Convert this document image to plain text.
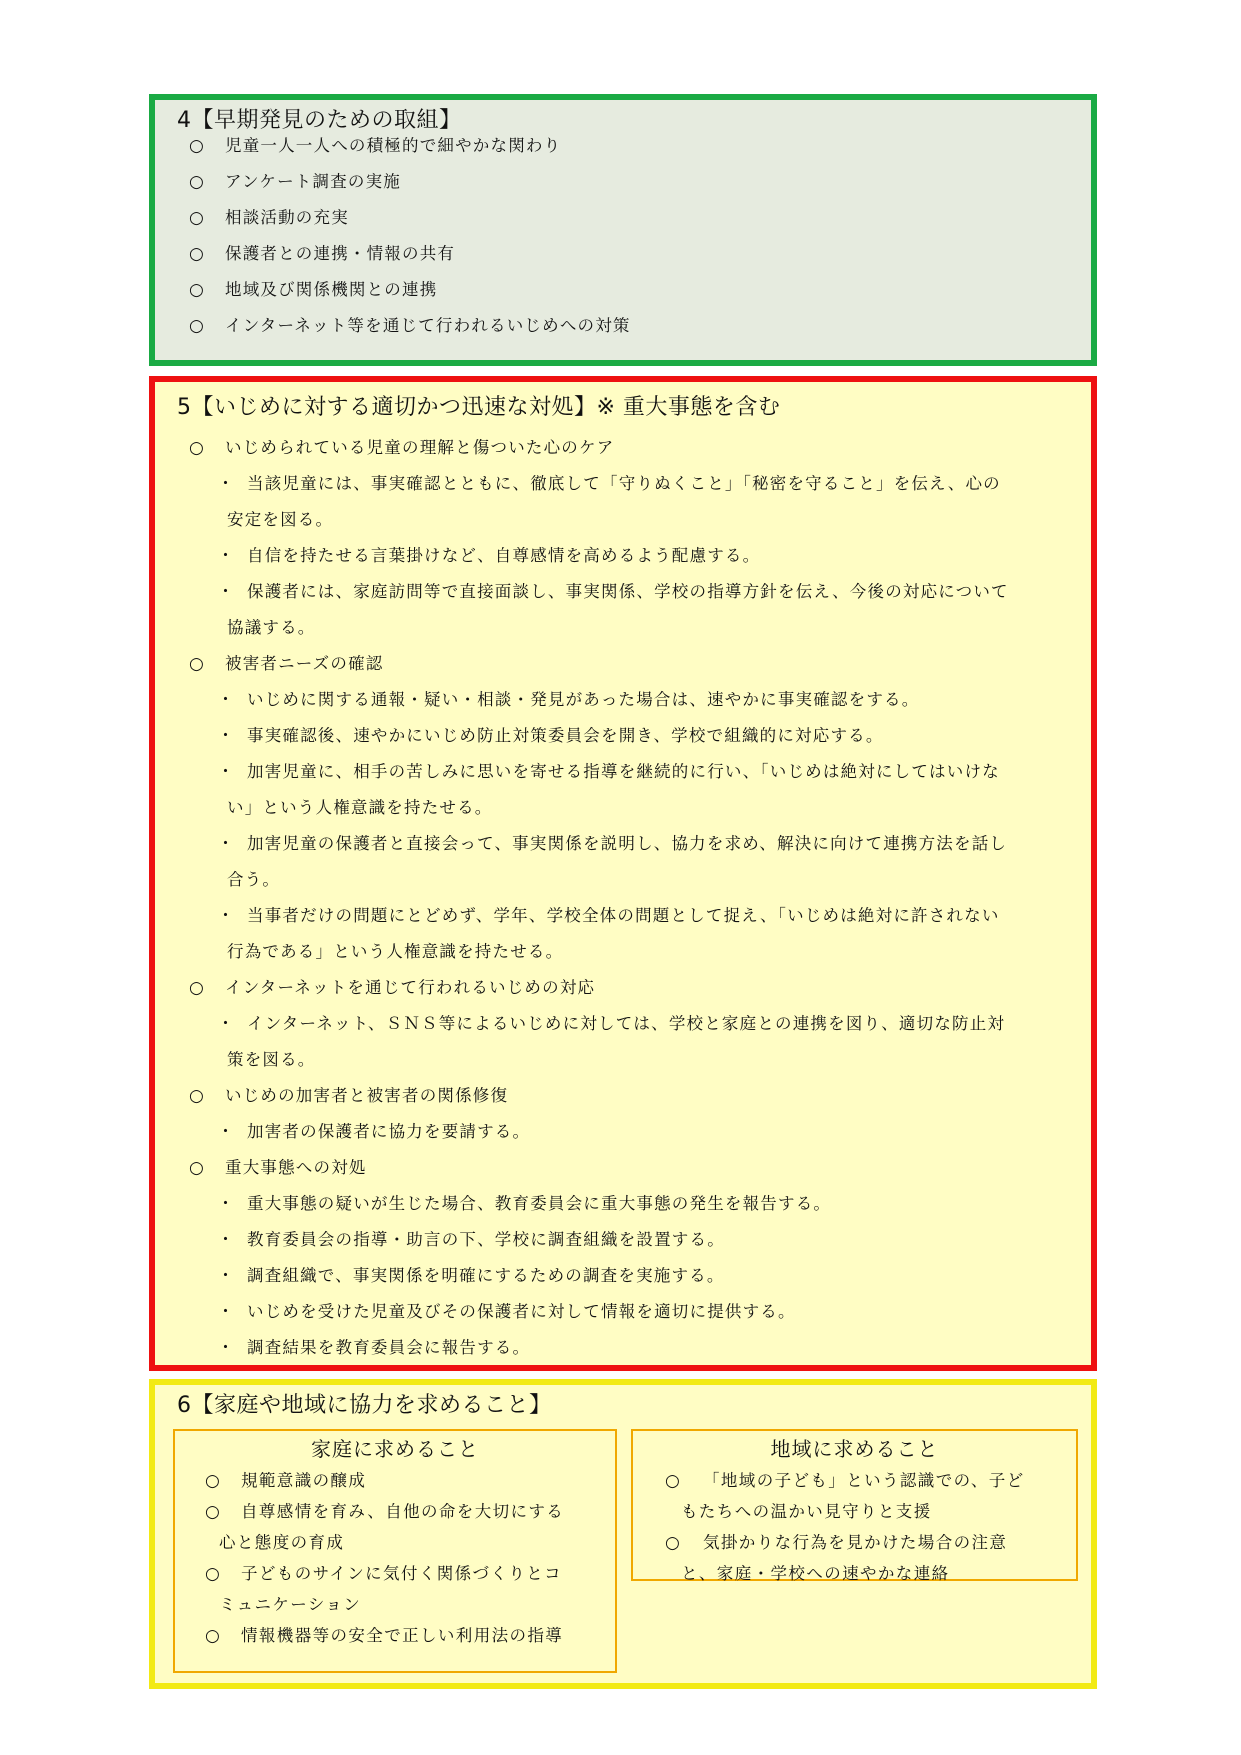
4【早期発見のための取組】
○ 児童一人一人への積極的で細やかな関わり
○ アンケート調査の実施
○ 相談活動の充実
○ 保護者との連携・情報の共有
○ 地域及び関係機関との連携
○ インターネット等を通じて行われるいじめへの対策
5【いじめに対する適切かつ迅速な対処】※ 重大事態を含む
○ いじめられている児童の理解と傷ついた心のケア
・ 当該児童には、事実確認とともに、徹底して「守りぬくこと」「秘密を守ること」を伝え、心の
安定を図る。
・ 自信を持たせる言葉掛けなど、自尊感情を高めるよう配慮する。
・ 保護者には、家庭訪問等で直接面談し、事実関係、学校の指導方針を伝え、今後の対応について
協議する。
○ 被害者ニーズの確認
・ いじめに関する通報・疑い・相談・発見があった場合は、速やかに事実確認をする。
・ 事実確認後、速やかにいじめ防止対策委員会を開き、学校で組織的に対応する。
・ 加害児童に、相手の苦しみに思いを寄せる指導を継続的に行い、「いじめは絶対にしてはいけな
い」という人権意識を持たせる。
・ 加害児童の保護者と直接会って、事実関係を説明し、協力を求め、解決に向けて連携方法を話し
合う。
・ 当事者だけの問題にとどめず、学年、学校全体の問題として捉え、「いじめは絶対に許されない
行為である」という人権意識を持たせる。
○ インターネットを通じて行われるいじめの対応
・ インターネット、ＳＮＳ等によるいじめに対しては、学校と家庭との連携を図り、適切な防止対
策を図る。
○ いじめの加害者と被害者の関係修復
・ 加害者の保護者に協力を要請する。
○ 重大事態への対処
・ 重大事態の疑いが生じた場合、教育委員会に重大事態の発生を報告する。
・ 教育委員会の指導・助言の下、学校に調査組織を設置する。
・ 調査組織で、事実関係を明確にするための調査を実施する。
・ いじめを受けた児童及びその保護者に対して情報を適切に提供する。
・ 調査結果を教育委員会に報告する。
6【家庭や地域に協力を求めること】
家庭に求めること
○ 規範意識の醸成
○ 自尊感情を育み、自他の命を大切にする
心と態度の育成
○ 子どものサインに気付く関係づくりとコ
ミュニケーション
○ 情報機器等の安全で正しい利用法の指導
地域に求めること
○ 「地域の子ども」という認識での、子ど
もたちへの温かい見守りと支援
○ 気掛かりな行為を見かけた場合の注意
と、家庭・学校への速やかな連絡
